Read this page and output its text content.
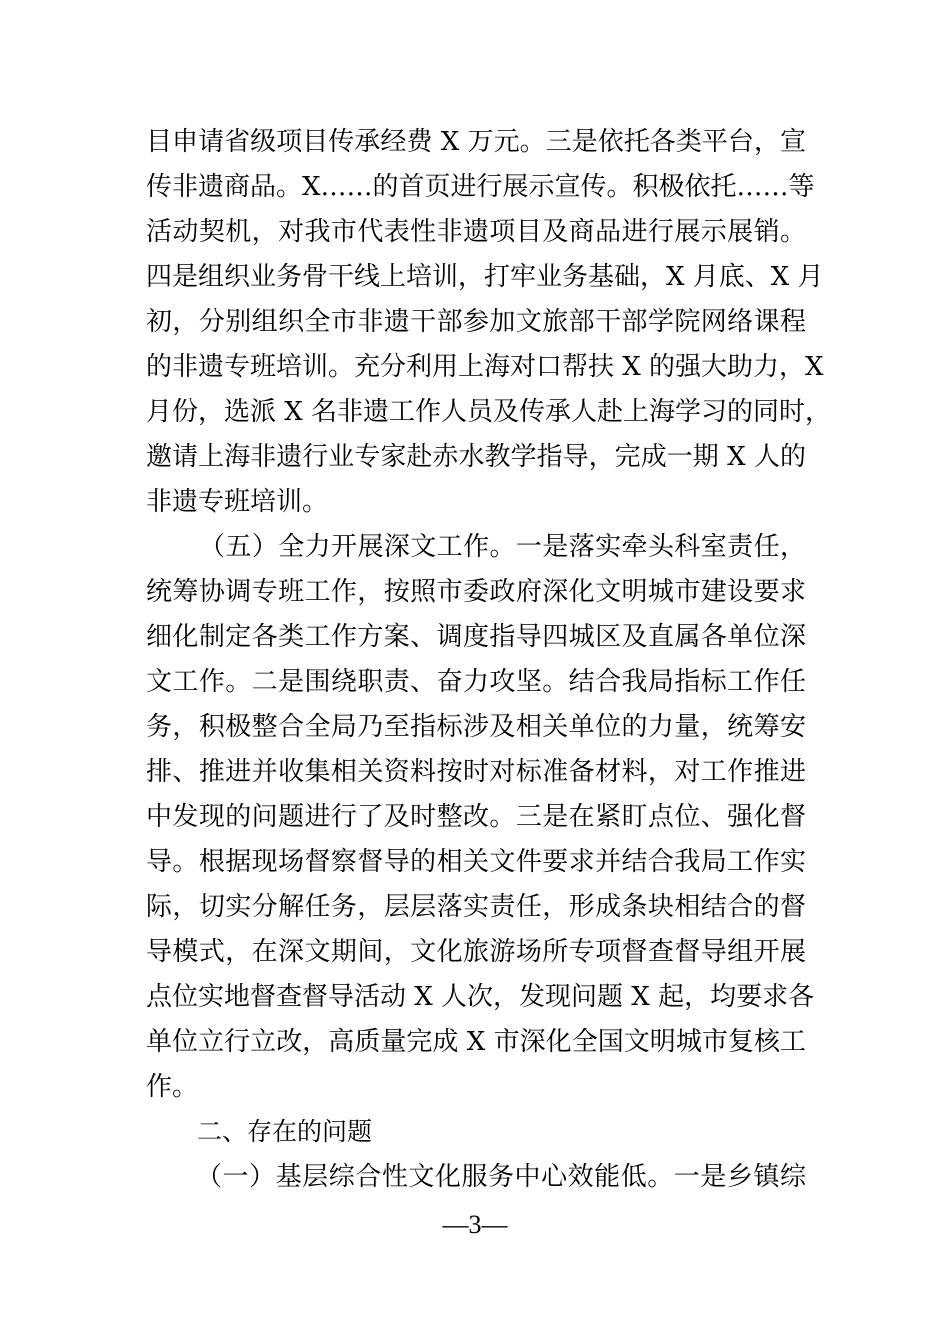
目申请省级项目传承经费 X 万元。三是依托各类平台，宣
传非遗商品。X……的首页进行展示宣传。积极依托……等
活动契机，对我市代表性非遗项目及商品进行展示展销。
四是组织业务骨干线上培训，打牢业务基础，X 月底、X 月
初，分别组织全市非遗干部参加文旅部干部学院网络课程
的非遗专班培训。充分利用上海对口帮扶 X 的强大助力，X
月份，选派 X 名非遗工作人员及传承人赴上海学习的同时，
邀请上海非遗行业专家赴赤水教学指导，完成一期 X 人的
非遗专班培训。
（五）全力开展深文工作。一是落实牵头科室责任，
统筹协调专班工作，按照市委政府深化文明城市建设要求
细化制定各类工作方案、调度指导四城区及直属各单位深
文工作。二是围绕职责、奋力攻坚。结合我局指标工作任
务，积极整合全局乃至指标涉及相关单位的力量，统筹安
排、推进并收集相关资料按时对标准备材料，对工作推进
中发现的问题进行了及时整改。三是在紧盯点位、强化督
导。根据现场督察督导的相关文件要求并结合我局工作实
际，切实分解任务，层层落实责任，形成条块相结合的督
导模式，在深文期间，文化旅游场所专项督查督导组开展
点位实地督查督导活动 X 人次，发现问题 X 起，均要求各
单位立行立改，高质量完成 X 市深化全国文明城市复核工
作。
二、存在的问题
（一）基层综合性文化服务中心效能低。一是乡镇综
—3—
